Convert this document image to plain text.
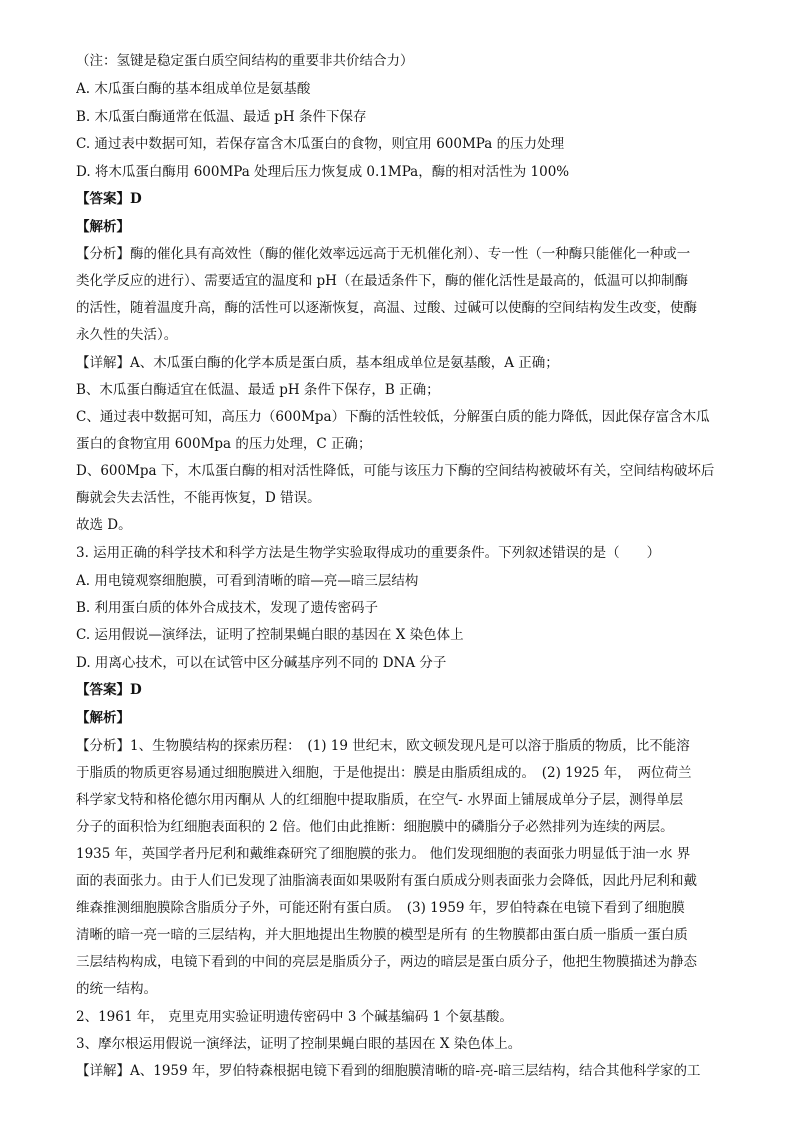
（注：氢键是稳定蛋白质空间结构的重要非共价结合力）

A. 木瓜蛋白酶的基本组成单位是氨基酸

B. 木瓜蛋白酶通常在低温、最适 pH 条件下保存

C. 通过表中数据可知，若保存富含木瓜蛋白的食物，则宜用 600MPa 的压力处理

D. 将木瓜蛋白酶用 600MPa 处理后压力恢复成 0.1MPa，酶的相对活性为 100%

【答案】D

【解析】

【分析】酶的催化具有高效性（酶的催化效率远远高于无机催化剂）、专一性（一种酶只能催化一种或一

类化学反应的进行）、需要适宜的温度和 pH（在最适条件下，酶的催化活性是最高的，低温可以抑制酶

的活性，随着温度升高，酶的活性可以逐渐恢复，高温、过酸、过碱可以使酶的空间结构发生改变，使酶

永久性的失活）。

【详解】A、木瓜蛋白酶的化学本质是蛋白质，基本组成单位是氨基酸，A 正确；

B、木瓜蛋白酶适宜在低温、最适 pH 条件下保存，B 正确；

C、通过表中数据可知，高压力（600Mpa）下酶的活性较低，分解蛋白质的能力降低，因此保存富含木瓜

蛋白的食物宜用 600Mpa 的压力处理，C 正确；

D、600Mpa 下，木瓜蛋白酶的相对活性降低，可能与该压力下酶的空间结构被破坏有关，空间结构破坏后

酶就会失去活性，不能再恢复，D 错误。

故选 D。

3. 运用正确的科学技术和科学方法是生物学实验取得成功的重要条件。下列叙述错误的是（　　）

A. 用电镜观察细胞膜，可看到清晰的暗—亮—暗三层结构

B. 利用蛋白质的体外合成技术，发现了遗传密码子

C. 运用假说—演绎法，证明了控制果蝇白眼的基因在 X 染色体上

D. 用离心技术，可以在试管中区分碱基序列不同的 DNA 分子

【答案】D

【解析】

【分析】1、生物膜结构的探索历程：　(1) 19 世纪末，欧文顿发现凡是可以溶于脂质的物质，比不能溶

于脂质的物质更容易通过细胞膜进入细胞，于是他提出：膜是由脂质组成的。　(2) 1925 年，　两位荷兰

科学家戈特和格伦德尔用丙酮从 人的红细胞中提取脂质，在空气- 水界面上铺展成单分子层，测得单层

分子的面积恰为红细胞表面积的 2 倍。他们由此推断：细胞膜中的磷脂分子必然排列为连续的两层。

1935 年，英国学者丹尼利和戴维森研究了细胞膜的张力。 他们发现细胞的表面张力明显低于油一水 界

面的表面张力。由于人们已发现了油脂滴表面如果吸附有蛋白质成分则表面张力会降低，因此丹尼利和戴

维森推测细胞膜除含脂质分子外，可能还附有蛋白质。　(3) 1959 年，罗伯特森在电镜下看到了细胞膜

清晰的暗一亮一暗的三层结构，并大胆地提出生物膜的模型是所有 的生物膜都由蛋白质一脂质一蛋白质

三层结构构成，电镜下看到的中间的亮层是脂质分子，两边的暗层是蛋白质分子，他把生物膜描述为静态

的统一结构。

2、1961 年， 克里克用实验证明遗传密码中 3 个碱基编码 1 个氨基酸。

3、摩尔根运用假说一演绎法，证明了控制果蝇白眼的基因在 X 染色体上。

【详解】A、1959 年，罗伯特森根据电镜下看到的细胞膜清晰的暗-亮-暗三层结构，结合其他科学家的工
